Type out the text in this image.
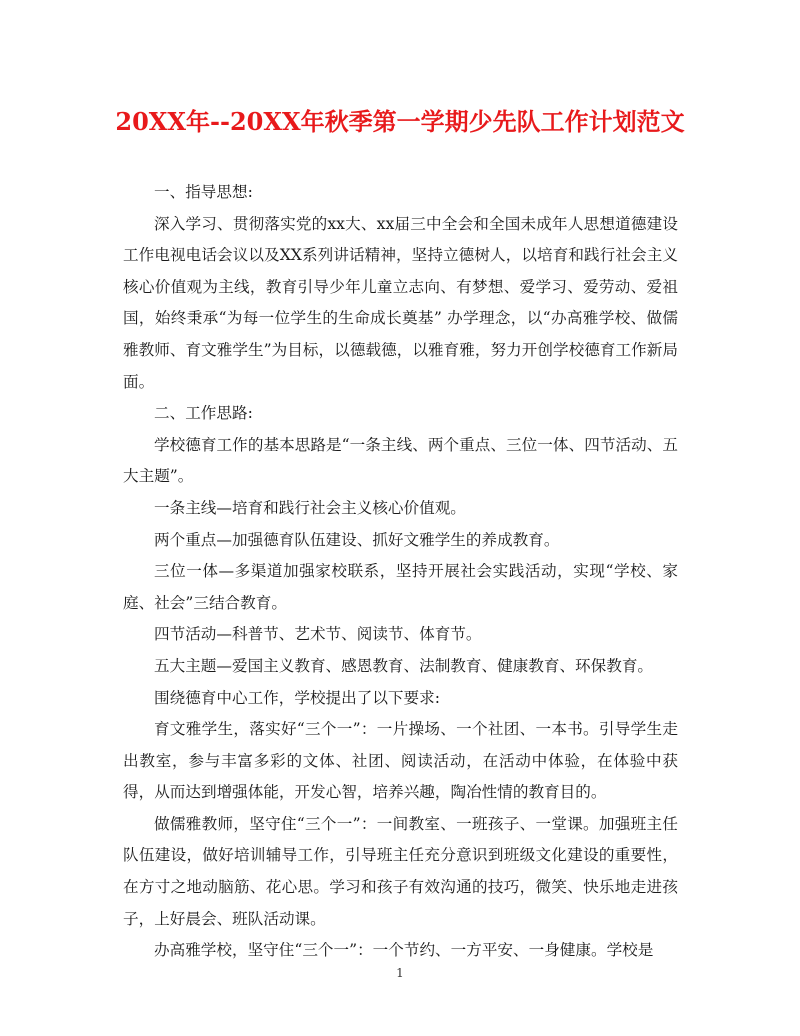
20XX年--20XX年秋季第一学期少先队工作计划范文

一、指导思想:

深入学习、贯彻落实党的xx大、xx届三中全会和全国未成年人思想道德建设工作电视电话会议以及XX系列讲话精神，坚持立德树人，以培育和践行社会主义核心价值观为主线，教育引导少年儿童立志向、有梦想、爱学习、爱劳动、爱祖国，始终秉承“为每一位学生的生命成长奠基” 办学理念，以“办高雅学校、做儒雅教师、育文雅学生”为目标，以德载德，以雅育雅，努力开创学校德育工作新局面。

二、工作思路:

学校德育工作的基本思路是“一条主线、两个重点、三位一体、四节活动、五大主题”。

一条主线—培育和践行社会主义核心价值观。

两个重点—加强德育队伍建设、抓好文雅学生的养成教育。

三位一体—多渠道加强家校联系，坚持开展社会实践活动，实现“学校、家庭、社会”三结合教育。

四节活动—科普节、艺术节、阅读节、体育节。

五大主题—爱国主义教育、感恩教育、法制教育、健康教育、环保教育。

围绕德育中心工作，学校提出了以下要求:

育文雅学生，落实好“三个一”：一片操场、一个社团、一本书。引导学生走出教室，参与丰富多彩的文体、社团、阅读活动，在活动中体验，在体验中获得，从而达到增强体能，开发心智，培养兴趣，陶冶性情的教育目的。

做儒雅教师，坚守住“三个一”：一间教室、一班孩子、一堂课。加强班主任队伍建设，做好培训辅导工作，引导班主任充分意识到班级文化建设的重要性，在方寸之地动脑筋、花心思。学习和孩子有效沟通的技巧，微笑、快乐地走进孩子，上好晨会、班队活动课。

办高雅学校，坚守住“三个一”：一个节约、一方平安、一身健康。学校是

1
